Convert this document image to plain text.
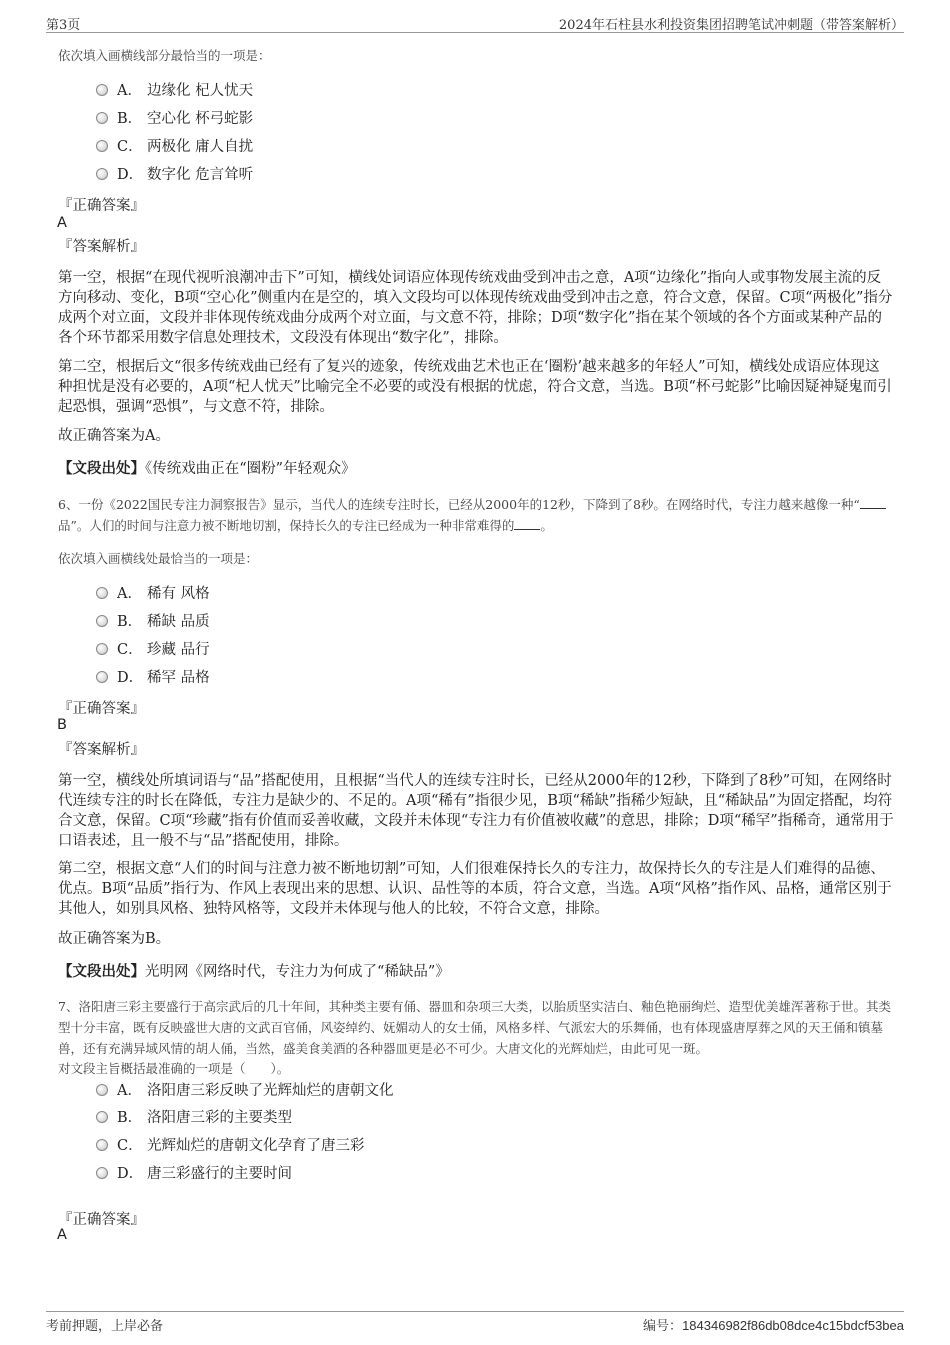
第3页	2024年石柱县水利投资集团招聘笔试冲刺题（带答案解析）
依次填入画横线部分最恰当的一项是：
A． 边缘化 杞人忧天
B． 空心化 杯弓蛇影
C． 两极化 庸人自扰
D． 数字化 危言耸听
『正确答案』
A
『答案解析』
第一空，根据“在现代视听浪潮冲击下”可知，横线处词语应体现传统戏曲受到冲击之意，A项“边缘化”指向人或事物发展主流的反方向移动、变化，B项“空心化”侧重内在是空的，填入文段均可以体现传统戏曲受到冲击之意，符合文意，保留。C项“两极化”指分成两个对立面，文段并非体现传统戏曲分成两个对立面，与文意不符，排除；D项“数字化”指在某个领域的各个方面或某种产品的各个环节都采用数字信息处理技术，文段没有体现出“数字化”，排除。
第二空，根据后文“很多传统戏曲已经有了复兴的迹象，传统戏曲艺术也正在‘圈粉’越来越多的年轻人”可知，横线处成语应体现这种担忧是没有必要的，A项“杞人忧天”比喻完全不必要的或没有根据的忧虑，符合文意，当选。B项“杯弓蛇影”比喻因疑神疑鬼而引起恐惧，强调“恐惧”，与文意不符，排除。
故正确答案为A。
【文段出处】《传统戏曲正在“圈粉”年轻观众》
6、一份《2022国民专注力洞察报告》显示，当代人的连续专注时长，已经从2000年的12秒，下降到了8秒。在网络时代，专注力越来越像一种“品”。人们的时间与注意力被不断地切割，保持长久的专注已经成为一种非常难得的 。
依次填入画横线处最恰当的一项是：
A． 稀有 风格
B． 稀缺 品质
C． 珍藏 品行
D． 稀罕 品格
『正确答案』
B
『答案解析』
第一空，横线处所填词语与“品”搭配使用，且根据“当代人的连续专注时长，已经从2000年的12秒，下降到了8秒”可知，在网络时代连续专注的时长在降低，专注力是缺少的、不足的。A项“稀有”指很少见，B项“稀缺”指稀少短缺，且“稀缺品”为固定搭配，均符合文意，保留。C项“珍藏”指有价值而妥善收藏，文段并未体现“专注力有价值被收藏”的意思，排除；D项“稀罕”指稀奇，通常用于口语表述，且一般不与“品”搭配使用，排除。
第二空，根据文意“人们的时间与注意力被不断地切割”可知，人们很难保持长久的专注力，故保持长久的专注是人们难得的品德、优点。B项“品质”指行为、作风上表现出来的思想、认识、品性等的本质，符合文意，当选。A项“风格”指作风、品格，通常区别于其他人，如别具风格、独特风格等，文段并未体现与他人的比较，不符合文意，排除。
故正确答案为B。
【文段出处】光明网《网络时代，专注力为何成了“稀缺品”》
7、洛阳唐三彩主要盛行于高宗武后的几十年间，其种类主要有俑、器皿和杂项三大类，以胎质坚实洁白、釉色艳丽绚烂、造型优美雄浑著称于世。其类型十分丰富，既有反映盛世大唐的文武百官俑，风姿绰约、妩媚动人的女士俑，风格多样、气派宏大的乐舞俑，也有体现盛唐厚葬之风的天王俑和镇墓兽，还有充满异域风情的胡人俑，当然，盛美食美酒的各种器皿更是必不可少。大唐文化的光辉灿烂，由此可见一斑。
对文段主旨概括最准确的一项是（　　）。
A． 洛阳唐三彩反映了光辉灿烂的唐朝文化
B． 洛阳唐三彩的主要类型
C． 光辉灿烂的唐朝文化孕育了唐三彩
D． 唐三彩盛行的主要时间
『正确答案』
A
考前押题，上岸必备	编号：184346982f86db08dce4c15bdcf53bea
